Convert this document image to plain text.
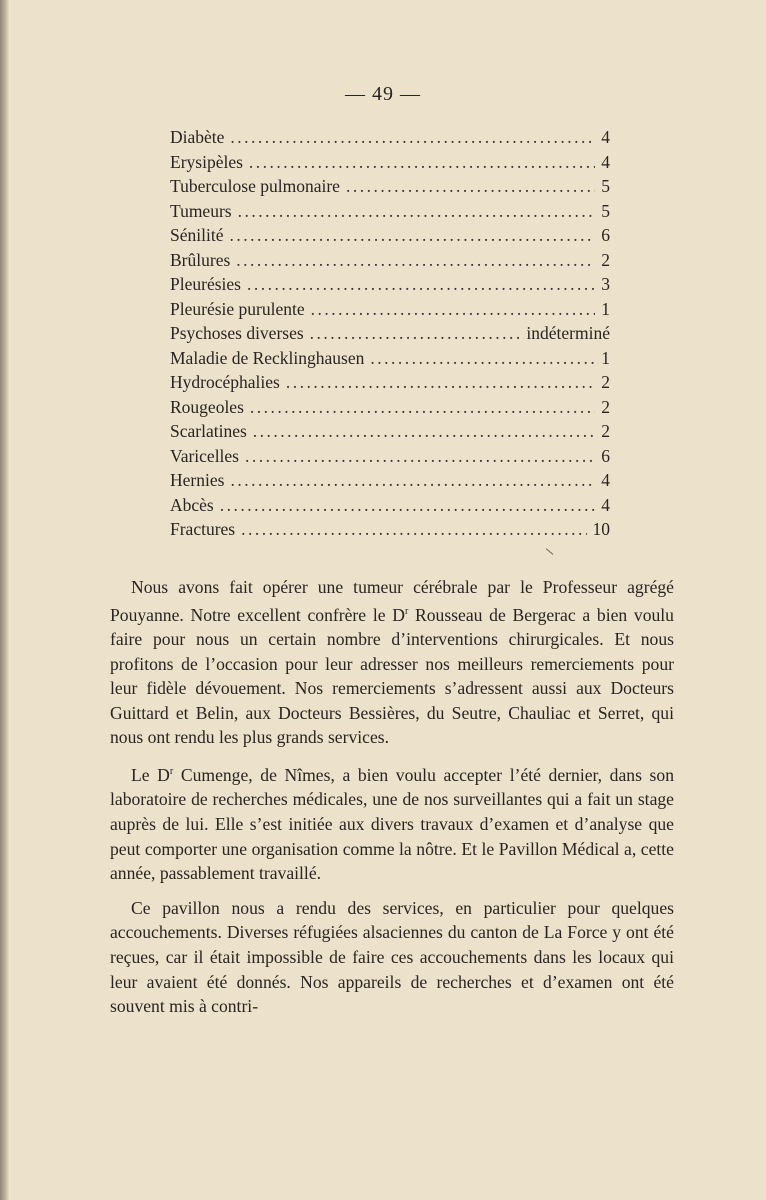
— 49 —
Diabète .....	4
Erysipèles .....	4
Tuberculose pulmonaire .....	5
Tumeurs .....	5
Sénilité .....	6
Brûlures .....	2
Pleurésies .....	3
Pleurésie purulente .....	1
Psychoses diverses .....	indéterminé
Maladie de Recklinghausen .....	1
Hydrocéphalies .....	2
Rougeoles .....	2
Scarlatines .....	2
Varicelles .....	6
Hernies .....	4
Abcès .....	4
Fractures .....	10

Nous avons fait opérer une tumeur cérébrale par le Professeur agrégé Pouyanne. Notre excellent confrère le $D^r$ Rousseau de Bergerac a bien voulu faire pour nous un certain nombre d’interventions chirurgicales. Et nous profitons de l’occasion pour leur adresser nos meilleurs remerciements pour leur fidèle dévouement. Nos remerciements s’adressent aussi aux Docteurs Guittard et Belin, aux Docteurs Bessières, du Seutre, Chauliac et Serret, qui nous ont rendu les plus grands services.

Le $D^r$ Cumenge, de Nîmes, a bien voulu accepter l’été dernier, dans son laboratoire de recherches médicales, une de nos surveillantes qui a fait un stage auprès de lui. Elle s’est initiée aux divers travaux d’examen et d’analyse que peut comporter une organisation comme la nôtre. Et le Pavillon Médical a, cette année, passablement travaillé.

Ce pavillon nous a rendu des services, en particulier pour quelques accouchements. Diverses réfugiées alsaciennes du canton de La Force y ont été reçues, car il était impossible de faire ces accouchements dans les locaux qui leur avaient été donnés. Nos appareils de recherches et d’examen ont été souvent mis à contri-
